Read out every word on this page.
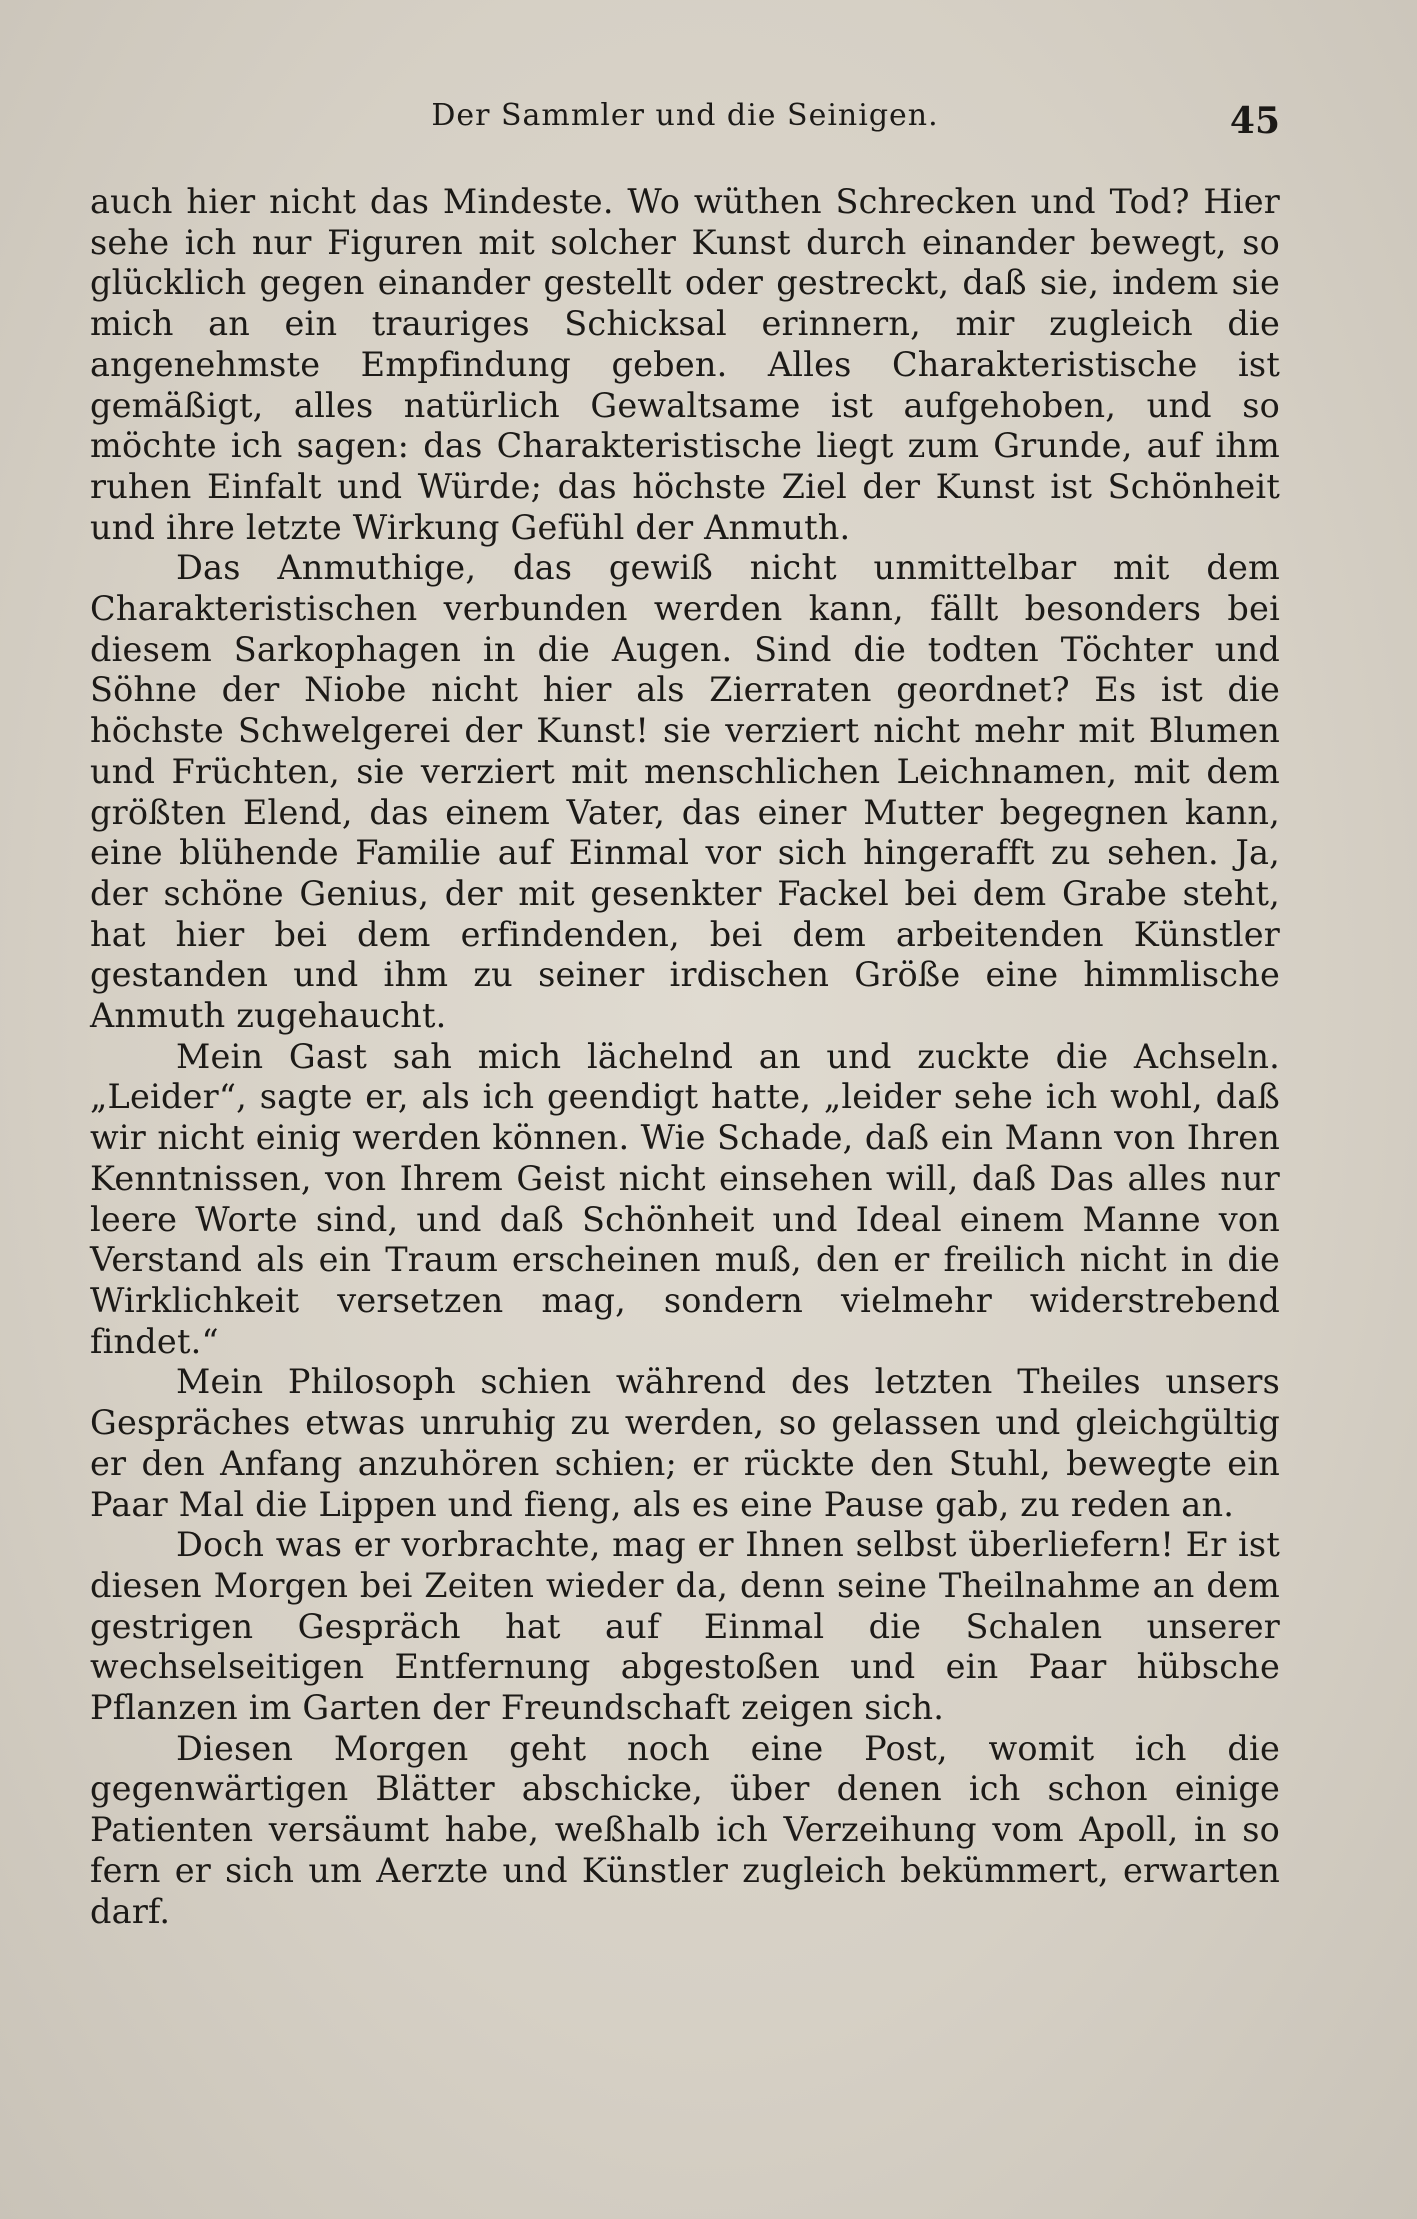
Der Sammler und die Seinigen.	45

auch hier nicht das Mindeste. Wo wüthen Schrecken und Tod? Hier sehe ich nur Figuren mit solcher Kunst durch einander bewegt, so glücklich gegen einander gestellt oder gestreckt, daß sie, indem sie mich an ein trauriges Schicksal erinnern, mir zugleich die angenehmste Empfindung geben. Alles Charakteristische ist gemäßigt, alles natürlich Gewaltsame ist aufgehoben, und so möchte ich sagen: das Charakteristische liegt zum Grunde, auf ihm ruhen Einfalt und Würde; das höchste Ziel der Kunst ist Schönheit und ihre letzte Wirkung Gefühl der Anmuth.

Das Anmuthige, das gewiß nicht unmittelbar mit dem Charakteristischen verbunden werden kann, fällt besonders bei diesem Sarkophagen in die Augen. Sind die todten Töchter und Söhne der Niobe nicht hier als Zierraten geordnet? Es ist die höchste Schwelgerei der Kunst! sie verziert nicht mehr mit Blumen und Früchten, sie verziert mit menschlichen Leichnamen, mit dem größten Elend, das einem Vater, das einer Mutter begegnen kann, eine blühende Familie auf Einmal vor sich hingerafft zu sehen. Ja, der schöne Genius, der mit gesenkter Fackel bei dem Grabe steht, hat hier bei dem erfindenden, bei dem arbeitenden Künstler gestanden und ihm zu seiner irdischen Größe eine himmlische Anmuth zugehaucht.

Mein Gast sah mich lächelnd an und zuckte die Achseln. „Leider“, sagte er, als ich geendigt hatte, „leider sehe ich wohl, daß wir nicht einig werden können. Wie Schade, daß ein Mann von Ihren Kenntnissen, von Ihrem Geist nicht einsehen will, daß Das alles nur leere Worte sind, und daß Schönheit und Ideal einem Manne von Verstand als ein Traum erscheinen muß, den er freilich nicht in die Wirklichkeit versetzen mag, sondern vielmehr widerstrebend findet.“

Mein Philosoph schien während des letzten Theiles unsers Gespräches etwas unruhig zu werden, so gelassen und gleichgültig er den Anfang anzuhören schien; er rückte den Stuhl, bewegte ein Paar Mal die Lippen und fieng, als es eine Pause gab, zu reden an.

Doch was er vorbrachte, mag er Ihnen selbst überliefern! Er ist diesen Morgen bei Zeiten wieder da, denn seine Theilnahme an dem gestrigen Gespräch hat auf Einmal die Schalen unserer wechselseitigen Entfernung abgestoßen und ein Paar hübsche Pflanzen im Garten der Freundschaft zeigen sich.

Diesen Morgen geht noch eine Post, womit ich die gegenwärtigen Blätter abschicke, über denen ich schon einige Patienten versäumt habe, weßhalb ich Verzeihung vom Apoll, in so fern er sich um Aerzte und Künstler zugleich bekümmert, erwarten darf.
